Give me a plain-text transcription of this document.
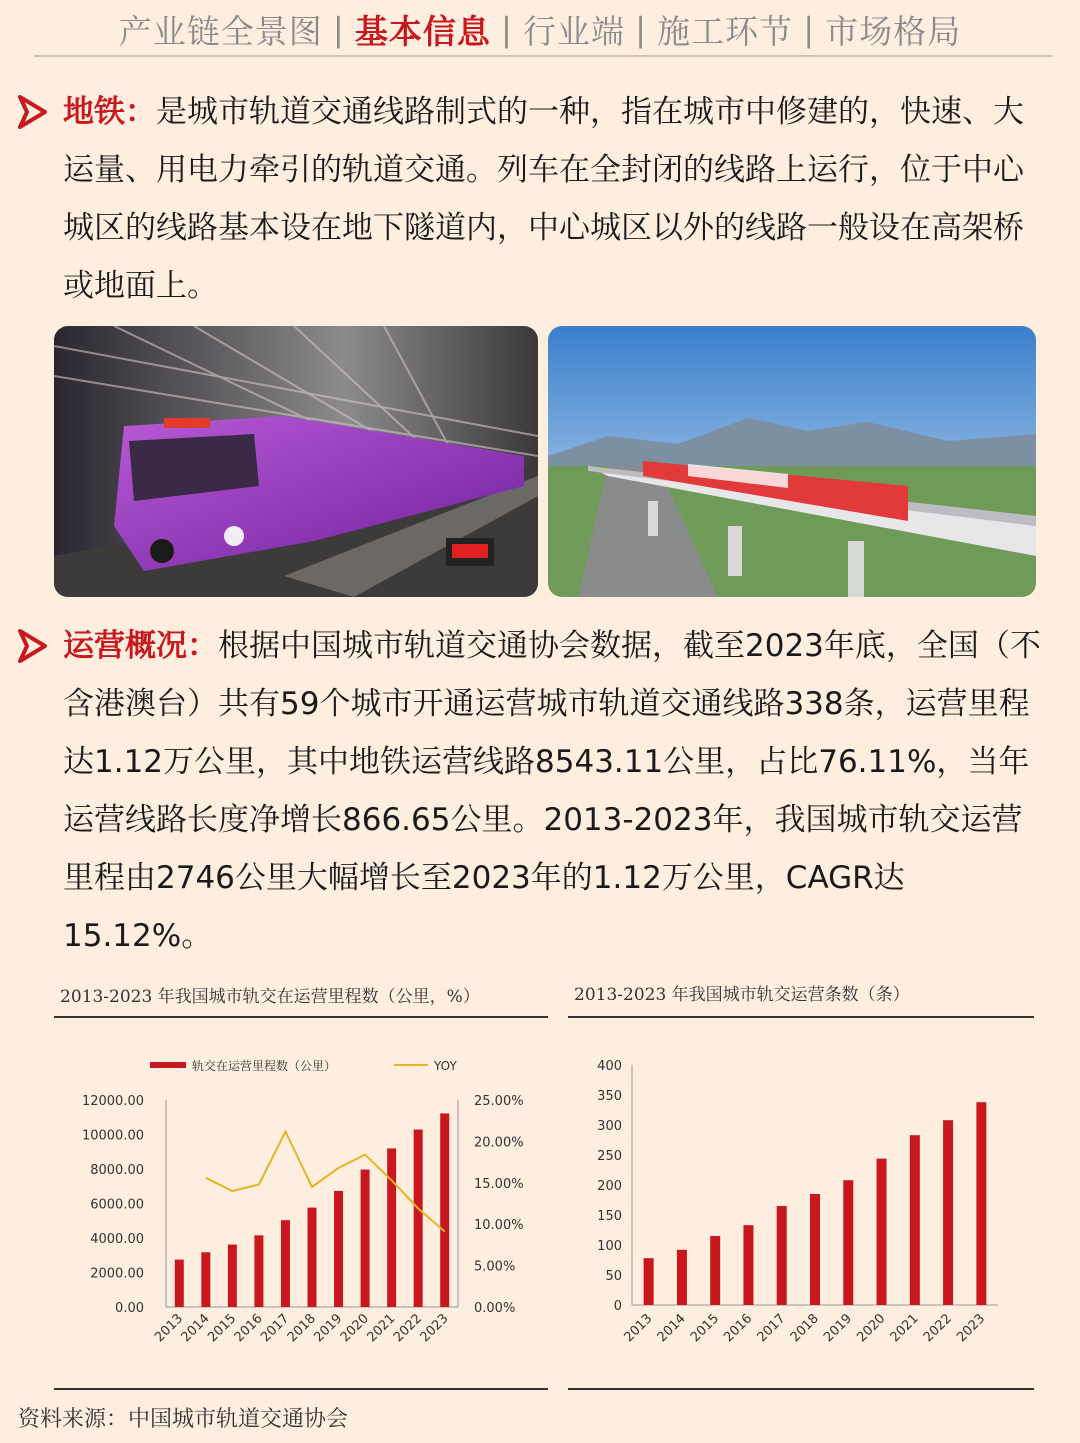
产业链全景图 | 基本信息 | 行业端 | 施工环节 | 市场格局
地铁：是城市轨道交通线路制式的一种，指在城市中修建的，快速、大运量、用电力牵引的轨道交通。列车在全封闭的线路上运行，位于中心城区的线路基本设在地下隧道内，中心城区以外的线路一般设在高架桥或地面上。
运营概况：根据中国城市轨道交通协会数据，截至2023年底，全国（不含港澳台）共有59个城市开通运营城市轨道交通线路338条，运营里程达1.12万公里，其中地铁运营线路8543.11公里，占比76.11%，当年运营线路长度净增长866.65公里。2013-2023年，我国城市轨交运营里程由2746公里大幅增长至2023年的1.12万公里，CAGR达15.12%。
2013-2023 年我国城市轨交在运营里程数（公里，%）
轨交在运营里程数（公里）	YOY
0.00
2000.00
4000.00
6000.00
8000.00
10000.00
12000.00
0.00%
5.00%
10.00%
15.00%
20.00%
25.00%
2013
2014
2015
2016
2017
2018
2019
2020
2021
2022
2023
2013-2023 年我国城市轨交运营条数（条）
0
50
100
150
200
250
300
350
400
2013 2014 2015 2016 2017 2018 2019 2020 2021 2022 2023
资料来源：中国城市轨道交通协会
